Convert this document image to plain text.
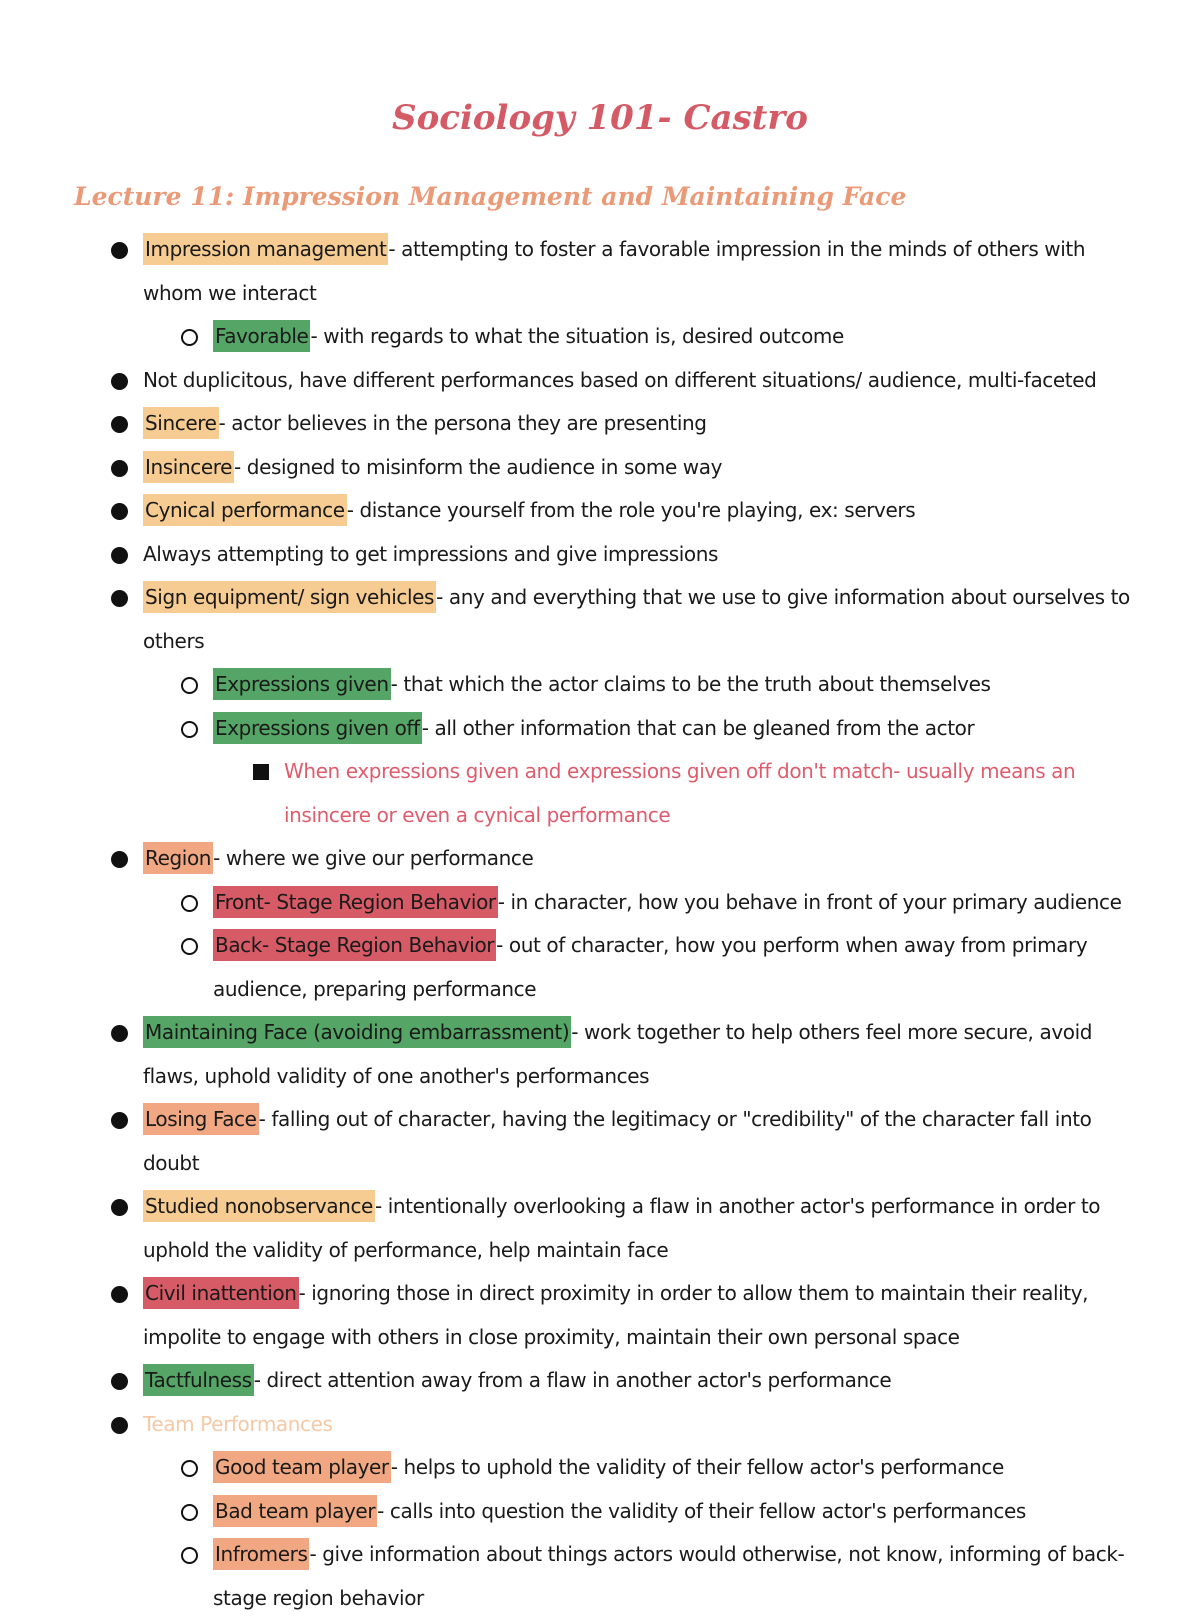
Sociology 101- Castro
Lecture 11: Impression Management and Maintaining Face
Impression management - attempting to foster a favorable impression in the minds of others with whom we interact
Favorable - with regards to what the situation is, desired outcome
Not duplicitous, have different performances based on different situations/ audience, multi-faceted
Sincere - actor believes in the persona they are presenting
Insincere - designed to misinform the audience in some way
Cynical performance - distance yourself from the role you're playing, ex: servers
Always attempting to get impressions and give impressions
Sign equipment/ sign vehicles - any and everything that we use to give information about ourselves to others
Expressions given - that which the actor claims to be the truth about themselves
Expressions given off - all other information that can be gleaned from the actor
When expressions given and expressions given off don't match- usually means an insincere or even a cynical performance
Region - where we give our performance
Front- Stage Region Behavior - in character, how you behave in front of your primary audience
Back- Stage Region Behavior - out of character, how you perform when away from primary audience, preparing performance
Maintaining Face (avoiding embarrassment) - work together to help others feel more secure, avoid flaws, uphold validity of one another's performances
Losing Face - falling out of character, having the legitimacy or "credibility" of the character fall into doubt
Studied nonobservance - intentionally overlooking a flaw in another actor's performance in order to uphold the validity of performance, help maintain face
Civil inattention - ignoring those in direct proximity in order to allow them to maintain their reality, impolite to engage with others in close proximity, maintain their own personal space
Tactfulness - direct attention away from a flaw in another actor's performance
Team Performances
Good team player - helps to uphold the validity of their fellow actor's performance
Bad team player - calls into question the validity of their fellow actor's performances
Infromers - give information about things actors would otherwise, not know, informing of back-stage region behavior
